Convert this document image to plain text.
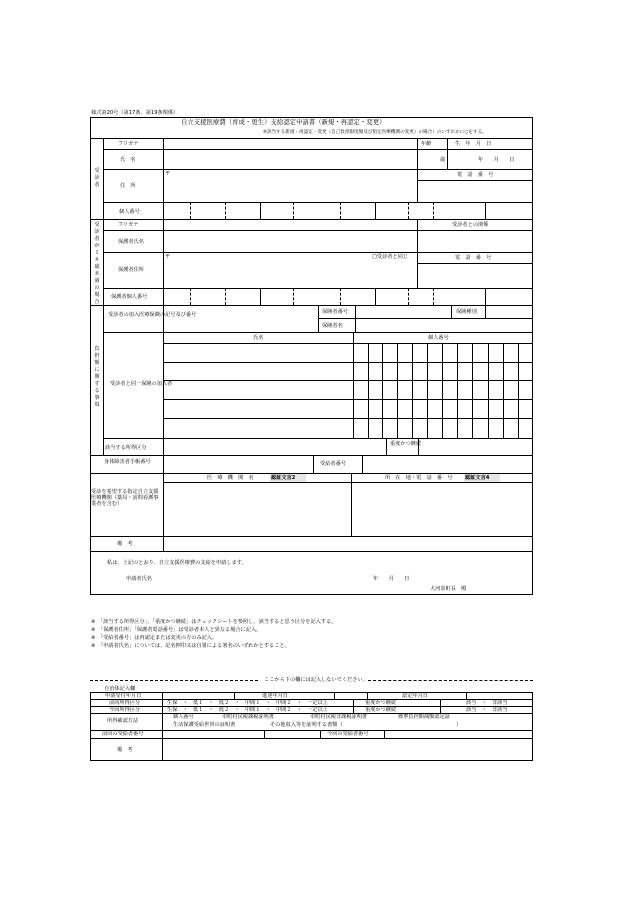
様式第20号（第17条、第19条関係）
自立支援医療費（育成・更生）支給認定申請書（新規・再認定・変更）
※該当する新規・再認定・変更（自己負担限度額及び指定医療機関の変更）の場合）のいずれかに○をする。
受診者
フリガナ
氏　名
住　所
〒
個人番号
年齢	生　年　月　日
歳	年　　月　　日
電　話　番　号
受診者が１８歳未満の場合
フリガナ	受診者との関係
保護者氏名
保護者住所
〒	□受診者と同じ	電　話　番　号
保護者個人番号
負担額に関する事項
受診者の加入医療保険の記号及び番号	保険者番号
保険者名
保険種別
氏名	個人番号
受診者と同一保険の加入者
該当する所得区分
重度かつ継続
身体障害者手帳番号	受給者番号
受診を希望する指定自立支援医療機関（薬局・訪問看護事業者を含む）
医　療　機　関　名	認証文言2	所　在　地・電　話　番　号 認証文言4
備　考
私は、上記のとおり、自立支援医療費の支給を申請します。
申請者氏名	年　　月　　日
大河原町長　殿
※　「該当する所得区分」、「重度かつ継続」はチェックシートを参照し、該当すると思う区分を記入する。
※　「保護者住所」「保護者電話番号」は受診者本人と異なる場合に記入。
※　「受給者番号」は再認定または変更の方のみ記入。
※　「申請者氏名」については、記名押印又は自署による署名のいずれかとすること。
ここから下の欄には記入しないでください。
自治体記入欄
申請受付年月日	進達年月日	認定年月日
前回所得区分	生保　・　低１　・　低２　・　中間１　・　中間２　・　一定以上	重度かつ継続	該当　・　非該当
今回所得区分	生保　・　低１　・　低２　・　中間１　・　中間２　・　一定以上	重度かつ継続	該当　・　非該当
所得確認方法
個人番号	市町村民税課税証明書	市町村民税非課税証明書	標準負担額減額認定証
生活保護受給世帯の証明書	その他収入等を証明する書類（	）
前回の受給者番号	今回の受給者番号
備　考
